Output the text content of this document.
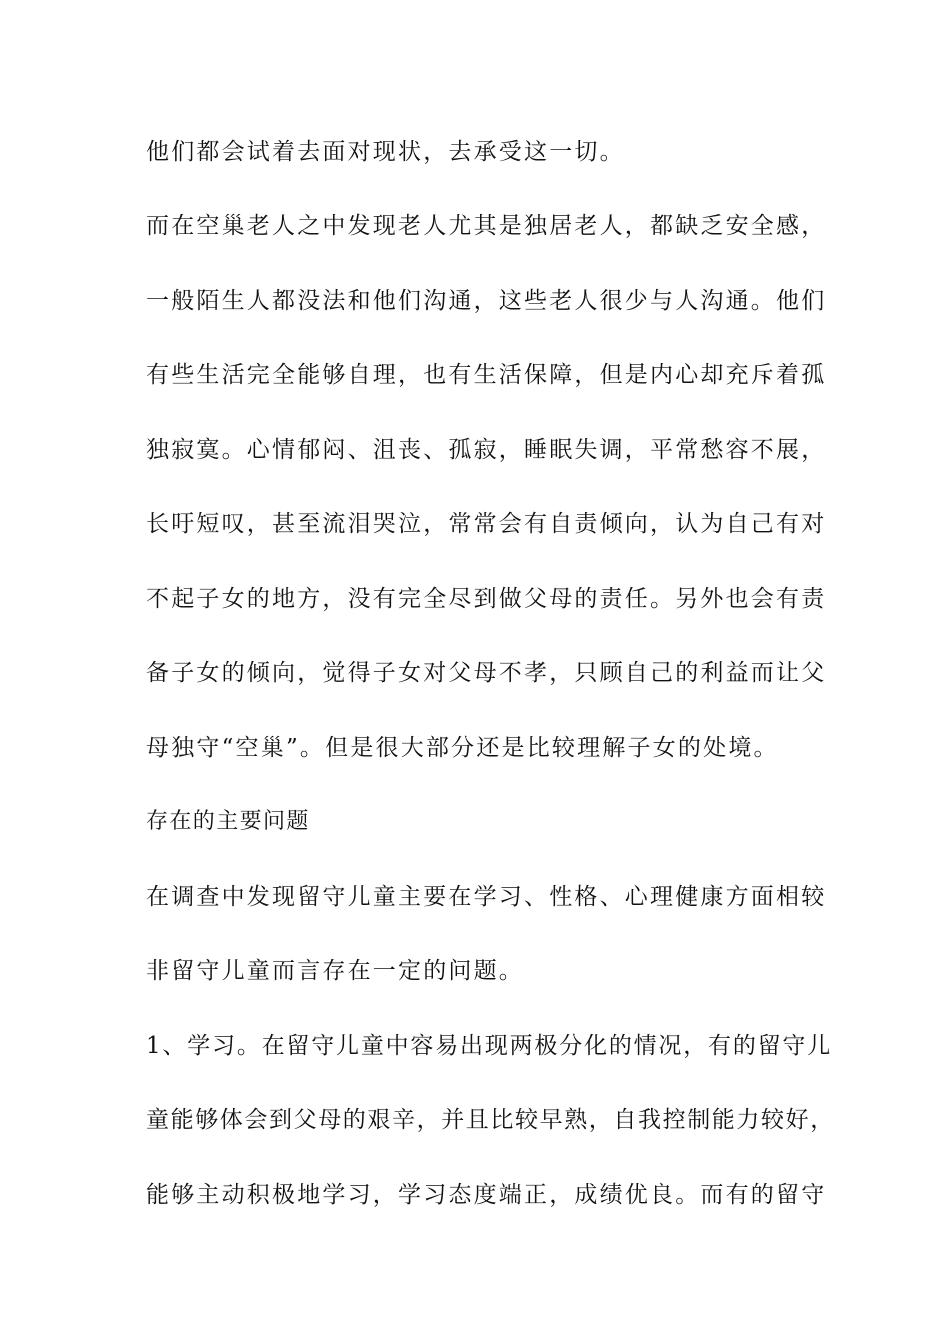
他们都会试着去面对现状，去承受这一切。
而在空巢老人之中发现老人尤其是独居老人，都缺乏安全感，
一般陌生人都没法和他们沟通，这些老人很少与人沟通。他们
有些生活完全能够自理，也有生活保障，但是内心却充斥着孤
独寂寞。心情郁闷、沮丧、孤寂，睡眠失调，平常愁容不展，
长吁短叹，甚至流泪哭泣，常常会有自责倾向，认为自己有对
不起子女的地方，没有完全尽到做父母的责任。另外也会有责
备子女的倾向，觉得子女对父母不孝，只顾自己的利益而让父
母独守“空巢”。但是很大部分还是比较理解子女的处境。
存在的主要问题
在调查中发现留守儿童主要在学习、性格、心理健康方面相较
非留守儿童而言存在一定的问题。
1、学习。在留守儿童中容易出现两极分化的情况，有的留守儿
童能够体会到父母的艰辛，并且比较早熟，自我控制能力较好，
能够主动积极地学习，学习态度端正，成绩优良。而有的留守
